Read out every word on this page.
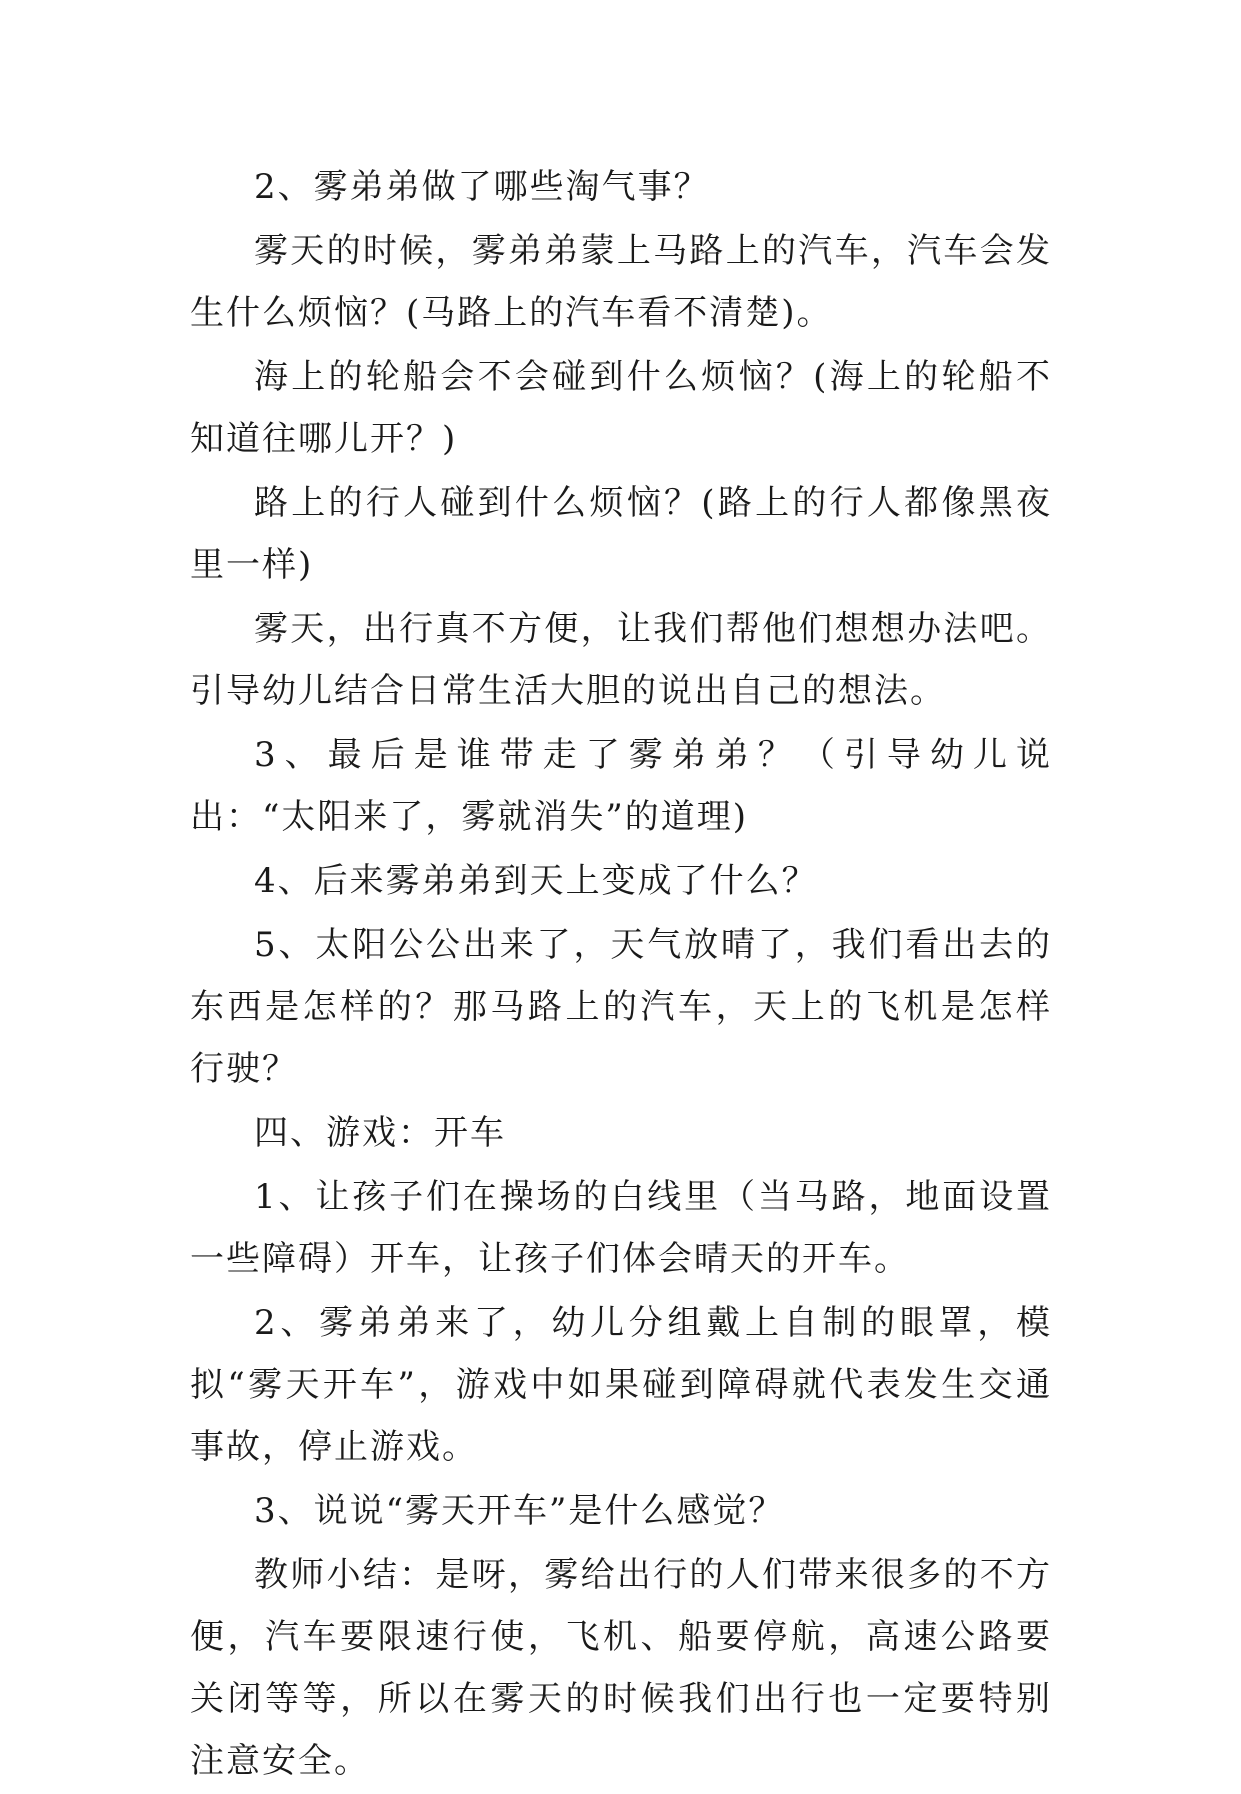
2、雾弟弟做了哪些淘气事？

雾天的时候，雾弟弟蒙上马路上的汽车，汽车会发生什么烦恼？(马路上的汽车看不清楚)。

海上的轮船会不会碰到什么烦恼？(海上的轮船不知道往哪儿开？)

路上的行人碰到什么烦恼？(路上的行人都像黑夜里一样)

雾天，出行真不方便，让我们帮他们想想办法吧。引导幼儿结合日常生活大胆的说出自己的想法。

3、最后是谁带走了雾弟弟？（引导幼儿说出：“太阳来了，雾就消失”的道理)

4、后来雾弟弟到天上变成了什么？

5、太阳公公出来了，天气放晴了，我们看出去的东西是怎样的？那马路上的汽车，天上的飞机是怎样行驶？

四、游戏：开车

1、让孩子们在操场的白线里（当马路，地面设置一些障碍）开车，让孩子们体会晴天的开车。

2、雾弟弟来了，幼儿分组戴上自制的眼罩，模拟“雾天开车”，游戏中如果碰到障碍就代表发生交通事故，停止游戏。

3、说说“雾天开车”是什么感觉？

教师小结：是呀，雾给出行的人们带来很多的不方便，汽车要限速行使，飞机、船要停航，高速公路要关闭等等，所以在雾天的时候我们出行也一定要特别注意安全。
